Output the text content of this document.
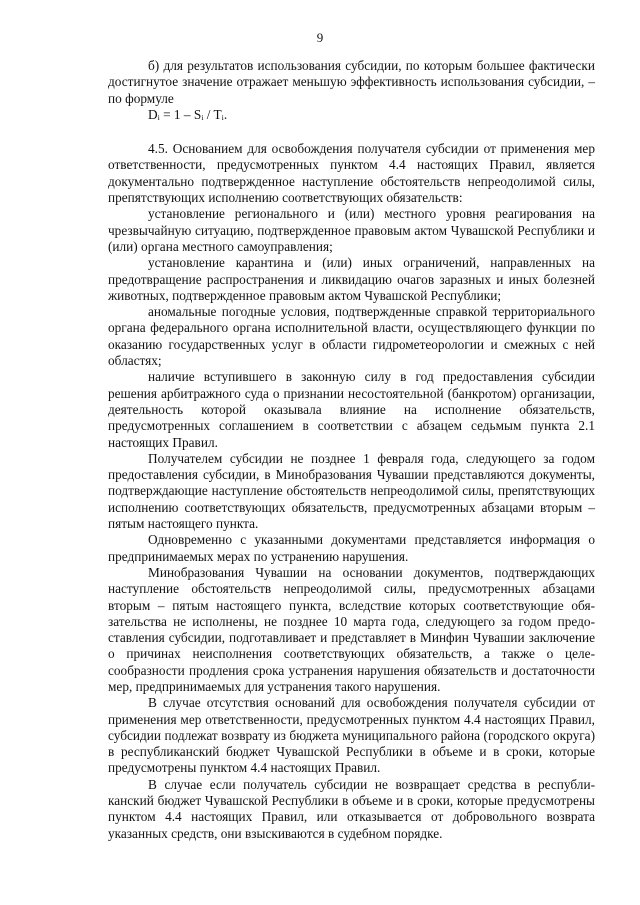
9

б) для результатов использования субсидии, по которым большее фактически достигнутое значение отражает меньшую эффективность использования субсидии, – по формуле

Dᵢ = 1 – Sᵢ / Tᵢ.

4.5. Основанием для освобождения получателя субсидии от применения мер ответственности, предусмотренных пунктом 4.4 настоящих Правил, является документально подтвержденное наступление обстоятельств непреодолимой силы, препятствующих исполнению соответствующих обязательств:

установление регионального и (или) местного уровня реагирования на чрезвычайную ситуацию, подтвержденное правовым актом Чувашской Республики и (или) органа местного самоуправления;

установление карантина и (или) иных ограничений, направленных на предотвращение распространения и ликвидацию очагов заразных и иных болезней животных, подтвержденное правовым актом Чувашской Республики;

аномальные погодные условия, подтвержденные справкой территориального органа федерального органа исполнительной власти, осуществляющего функции по оказанию государственных услуг в области гидрометеорологии и смежных с ней областях;

наличие вступившего в законную силу в год предоставления субсидии решения арбитражного суда о признании несостоятельной (банкротом) организации, деятельность которой оказывала влияние на исполнение обязательств, предусмотренных соглашением в соответствии с абзацем седьмым пункта 2.1 настоящих Правил.

Получателем субсидии не позднее 1 февраля года, следующего за годом предоставления субсидии, в Минобразования Чувашии представляются документы, подтверждающие наступление обстоятельств непреодолимой силы, препятствующих исполнению соответствующих обязательств, предусмотренных абзацами вторым – пятым настоящего пункта.

Одновременно с указанными документами представляется информация о предпринимаемых мерах по устранению нарушения.

Минобразования Чувашии на основании документов, подтверждающих наступление обстоятельств непреодолимой силы, предусмотренных абзацами вторым – пятым настоящего пункта, вследствие которых соответствующие обязательства не исполнены, не позднее 10 марта года, следующего за годом предоставления субсидии, подготавливает и представляет в Минфин Чувашии заключение о причинах неисполнения соответствующих обязательств, а также о целесообразности продления срока устранения нарушения обязательств и достаточности мер, предпринимаемых для устранения такого нарушения.

В случае отсутствия оснований для освобождения получателя субсидии от применения мер ответственности, предусмотренных пунктом 4.4 настоящих Правил, субсидии подлежат возврату из бюджета муниципального района (городского округа) в республиканский бюджет Чувашской Республики в объеме и в сроки, которые предусмотрены пунктом 4.4 настоящих Правил.

В случае если получатель субсидии не возвращает средства в республиканский бюджет Чувашской Республики в объеме и в сроки, которые предусмотрены пунктом 4.4 настоящих Правил, или отказывается от добровольного возврата указанных средств, они взыскиваются в судебном порядке.
